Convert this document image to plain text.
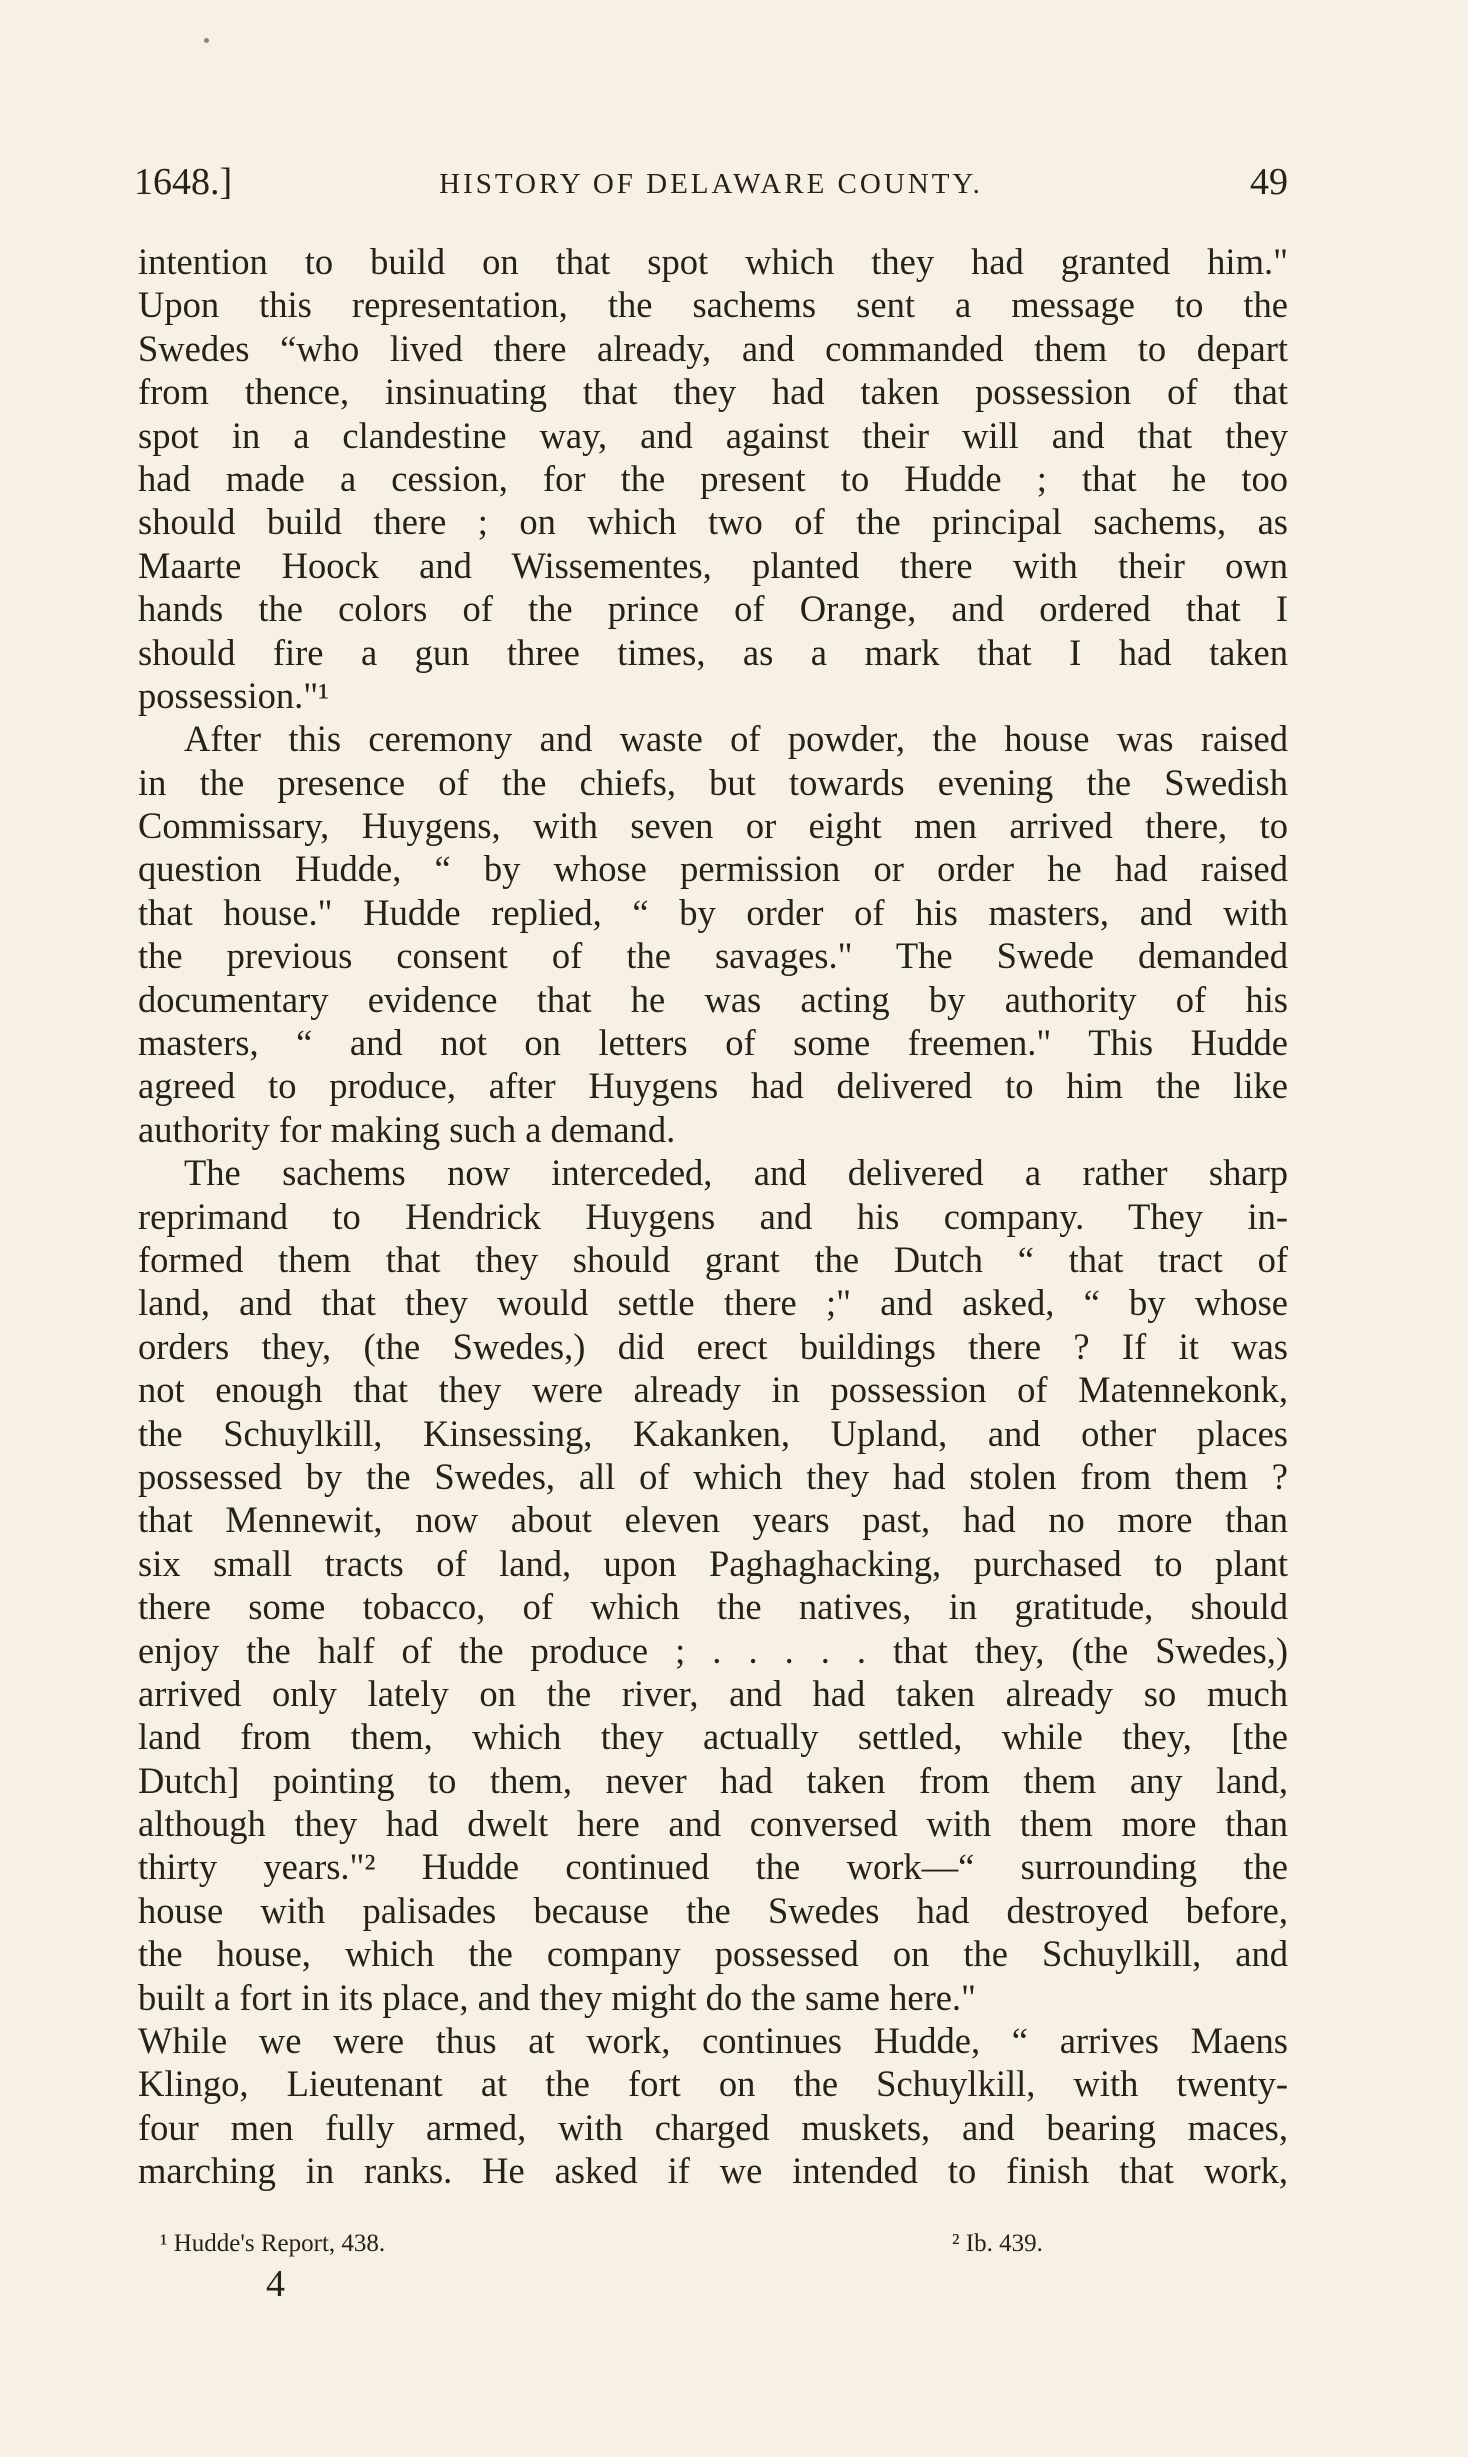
1648.]	HISTORY OF DELAWARE COUNTY.	49
intention to build on that spot which they had granted him."
Upon this representation, the sachems sent a message to the
Swedes “who lived there already, and commanded them to depart
from thence, insinuating that they had taken possession of that
spot in a clandestine way, and against their will and that they
had made a cession, for the present to Hudde ; that he too
should build there ; on which two of the principal sachems, as
Maarte Hoock and Wissementes, planted there with their own
hands the colors of the prince of Orange, and ordered that I
should fire a gun three times, as a mark that I had taken
possession."¹
After this ceremony and waste of powder, the house was raised
in the presence of the chiefs, but towards evening the Swedish
Commissary, Huygens, with seven or eight men arrived there, to
question Hudde, “ by whose permission or order he had raised
that house." Hudde replied, “ by order of his masters, and with
the previous consent of the savages." The Swede demanded
documentary evidence that he was acting by authority of his
masters, “ and not on letters of some freemen." This Hudde
agreed to produce, after Huygens had delivered to him the like
authority for making such a demand.
The sachems now interceded, and delivered a rather sharp
reprimand to Hendrick Huygens and his company. They in-
formed them that they should grant the Dutch “ that tract of
land, and that they would settle there ;" and asked, “ by whose
orders they, (the Swedes,) did erect buildings there ? If it was
not enough that they were already in possession of Matennekonk,
the Schuylkill, Kinsessing, Kakanken, Upland, and other places
possessed by the Swedes, all of which they had stolen from them ?
that Mennewit, now about eleven years past, had no more than
six small tracts of land, upon Paghaghacking, purchased to plant
there some tobacco, of which the natives, in gratitude, should
enjoy the half of the produce ; . . . . . that they, (the Swedes,)
arrived only lately on the river, and had taken already so much
land from them, which they actually settled, while they, [the
Dutch] pointing to them, never had taken from them any land,
although they had dwelt here and conversed with them more than
thirty years."² Hudde continued the work—“ surrounding the
house with palisades because the Swedes had destroyed before,
the house, which the company possessed on the Schuylkill, and
built a fort in its place, and they might do the same here."
While we were thus at work, continues Hudde, “ arrives Maens
Klingo, Lieutenant at the fort on the Schuylkill, with twenty-
four men fully armed, with charged muskets, and bearing maces,
marching in ranks. He asked if we intended to finish that work,
¹ Hudde's Report, 438.	² Ib. 439.
4
